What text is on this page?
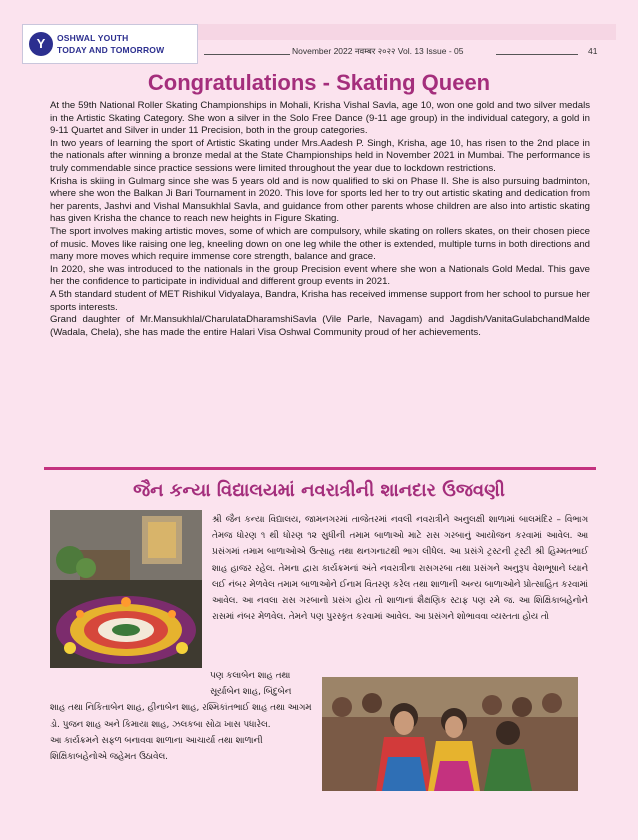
Y	OSHWAL YOUTH
TODAY AND TOMORROW	November 2022 नवम्बर २०२२ Vol. 13 Issue - 05	41
Congratulations - Skating Queen

At the 59th National Roller Skating Championships in Mohali, Krisha Vishal Savla, age 10, won one gold and two silver medals in the Artistic Skating Category. She won a silver in the Solo Free Dance (9-11 age group) in the individual category, a gold in 9-11 Quartet and Silver in under 11 Precision, both in the group categories.

In two years of learning the sport of Artistic Skating under Mrs.Aadesh P. Singh, Krisha, age 10, has risen to the 2nd place in the nationals after winning a bronze medal at the State Championships held in November 2021 in Mumbai. The performance is truly commendable since practice sessions were limited throughout the year due to lockdown restrictions.

Krisha is skiing in Gulmarg since she was 5 years old and is now qualified to ski on Phase II. She is also pursuing badminton, where she won the Balkan Ji Bari Tournament in 2020. This love for sports led her to try out artistic skating and dedication from her parents, Jashvi and Vishal Mansukhlal Savla, and guidance from other parents whose children are also into artistic skating has given Krisha the chance to reach new heights in Figure Skating.

The sport involves making artistic moves, some of which are compulsory, while skating on rollers skates, on their chosen piece of music. Moves like raising one leg, kneeling down on one leg while the other is extended, multiple turns in both directions and many more moves which require immense core strength, balance and grace.

In 2020, she was introduced to the nationals in the group Precision event where she won a Nationals Gold Medal. This gave her the confidence to participate in individual and different group events in 2021.

A 5th standard student of MET Rishikul Vidyalaya, Bandra, Krisha has received immense support from her school to pursue her sports interests.

Grand daughter of Mr.Mansukhlal/CharulataDharamshiSavla (Vile Parle, Navagam) and Jagdish/VanitaGulabchandMalde (Wadala, Chela), she has made the entire Halari Visa Oshwal Community proud of her achievements.

જૈન કન્યા વિદ્યાલયમાં નવરાત્રીની શાનદાર ઉજવણી
શ્રી જૈન કન્યા વિદ્યાલય, જામનગરમાં તાજેતરમાં નવલી નવરાત્રીને અનુલક્ષી શાળામાં બાલમંદિર – વિભાગ તેમજ ધોરણ ૧ થી ધોરણ ૧૨ સુધીની તમામ બાળાઓ માટે રાસ ગરબાનું આયોજન કરવામાં આવેલ. આ પ્રસંગમાં તમામ બાળાઓએ ઉત્સાહ તથા થનગનાટથી ભાગ લીધેલ. આ પ્રસંગે ટ્રસ્ટની ટ્રસ્ટી શ્રી હિમ્મતભાઈ શાહ હાજર રહેલ. તેમના દ્વારા કાર્યક્રમનાં અંતે નવરાત્રીના રાસગરબા તથા પ્રસંગને અનુરૂપ વેશભૂષાને ધ્યાને લઈ નંબર મેળવેલ તમામ બાળાઓને ઈનામ વિતરણ કરેલ તથા શાળાની અન્ય બાળાઓને પ્રોત્સાહિત કરવામાં આવેલ. આ નવલા રાસ ગરબાનો પ્રસંગ હોય તો શાળાનાં શૈક્ષણિક સ્ટાફ પણ રમે જ. આ શિક્ષિકાબહેનોને રાસમાં નંબર મેળવેલ. તેમને પણ પુરસ્કૃત કરવામાં આવેલ. આ પ્રસંગને શોભાવવા વ્યસ્તતા હોય તો
પણ કલાબેન શાહ તથા
સૂર્યાબેન શાહ, બિંદુબેન

શાહ તથા નિકિતાબેન શાહ, હીનાબેન શાહ, રશ્મિકાંતભાઈ શાહ તથા આગમ ડો. પુજન શાહ અને કિમાયા શાહ, ઝલકબા સોઢા ખાસ પધારેલ.

આ કાર્યક્રમને સફળ બનાવવા શાળાના આચાર્યા તથા શાળાની શિક્ષિકાબહેનોએ જહેમત ઉઠાવેલ.
